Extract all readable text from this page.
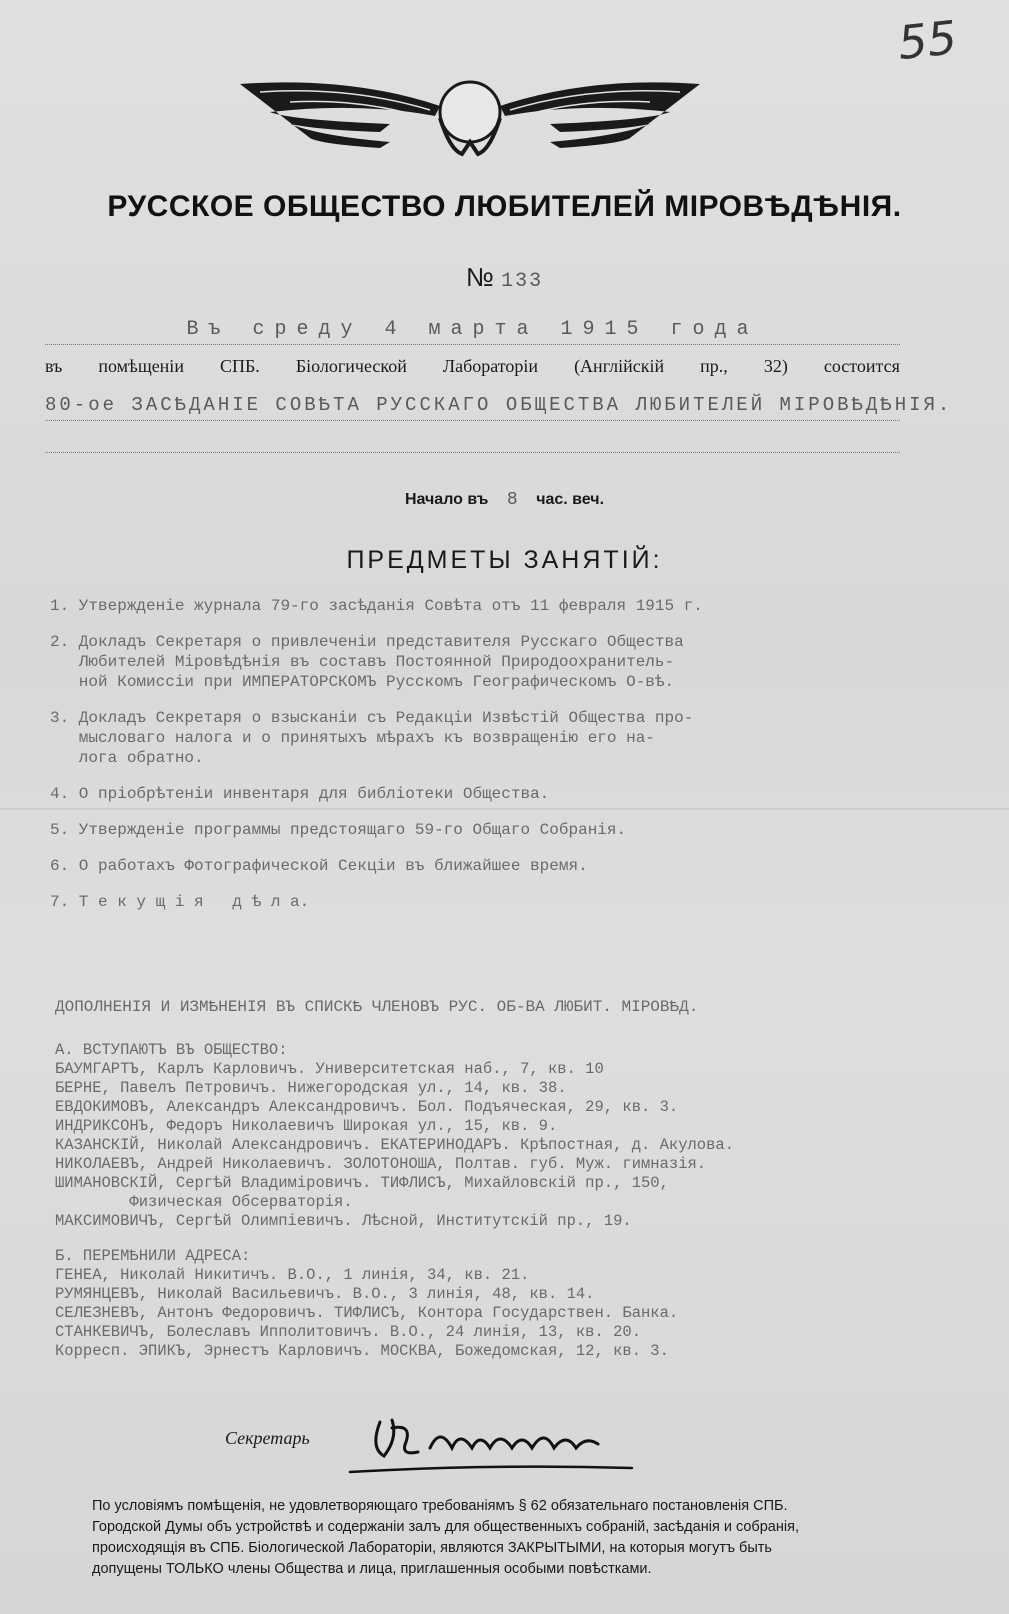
55
РУССКОЕ ОБЩЕСТВО ЛЮБИТЕЛЕЙ МІРОВѢДѢНІЯ.
№ 133
Въ среду 4 марта 1915 года
въ помѣщеніи СПБ. Біологической Лабораторіи (Англійскій пр., 32) состоится
80-ое ЗАСѢДАНІЕ СОВѢТА РУССКАГО ОБЩЕСТВА ЛЮБИТЕЛЕЙ МІРОВѢДѢНІЯ.
Начало въ 8 час. веч.
ПРЕДМЕТЫ ЗАНЯТІЙ:
1. Утвержденіе журнала 79-го засѣданія Совѣта отъ 11 февраля 1915 г.
2. Докладъ Секретаря о привлеченіи представителя Русскаго Общества
Любителей Міровѣдѣнія въ составъ Постоянной Природоохранитель-
ной Комиссіи при ИМПЕРАТОРСКОМЪ Русскомъ Географическомъ О-вѣ.
3. Докладъ Секретаря о взысканіи съ Редакціи Извѣстій Общества про-
мысловаго налога и о принятыхъ мѣрахъ къ возвращенію его на-
логa обратно.
4. О пріобрѣтеніи инвентаря для библіотеки Общества.
5. Утвержденіе программы предстоящаго 59-го Общаго Собранія.
6. О работахъ Фотографической Секціи въ ближайшее время.
7. Т е к у щ і я   д ѣ л а.
ДОПОЛНЕНІЯ И ИЗМѢНЕНІЯ ВЪ СПИСКѢ ЧЛЕНОВЪ РУС. ОБ-ВА ЛЮБИТ. МІРОВѢД.
А. ВСТУПАЮТЪ ВЪ ОБЩЕСТВО:
БАУМГАРТЪ, Карлъ Карловичъ. Университетская наб., 7, кв. 10
БЕРНЕ, Павелъ Петровичъ. Нижегородская ул., 14, кв. 38.
ЕВДОКИМОВЪ, Александръ Александровичъ. Бол. Подъяческая, 29, кв. 3.
ИНДРИКСОНЪ, Федоръ Николаевичъ Широкая ул., 15, кв. 9.
КАЗАНСКІЙ, Николай Александровичъ. ЕКАТЕРИНОДАРЪ. Крѣпостная, д. Акулова.
НИКОЛАЕВЪ, Андрей Николаевичъ. ЗОЛОТОНОША, Полтав. губ. Муж. гимназія.
ШИМАНОВСКІЙ, Сергѣй Владиміровичъ. ТИФЛИСЪ, Михайловскій пр., 150,
Физическая Обсерваторія.
МАКСИМОВИЧЪ, Сергѣй Олимпіевичъ. Лѣсной, Институтскій пр., 19.
Б. ПЕРЕМѢНИЛИ АДРЕСА:
ГЕНЕА, Николай Никитичъ. В.О., 1 линія, 34, кв. 21.
РУМЯНЦЕВЪ, Николай Васильевичъ. В.О., 3 линія, 48, кв. 14.
СЕЛЕЗНЕВЪ, Антонъ Федоровичъ. ТИФЛИСЪ, Контора Государствен. Банка.
СТАНКЕВИЧЪ, Болеславъ Ипполитовичъ. В.О., 24 линія, 13, кв. 20.
Корресп. ЭПИКЪ, Эрнестъ Карловичъ. МОСКВА, Божедомская, 12, кв. 3.
Секретарь
По условіямъ помѣщенія, не удовлетворяющаго требованіямъ § 62 обязательнаго постановленія СПБ.
Городской Думы объ устройствѣ и содержаніи залъ для общественныхъ собраній, засѣданія и собранія,
происходящія въ СПБ. Біологической Лабораторіи, являются ЗАКРЫТЫМИ, на которыя могутъ быть
допущены ТОЛЬКО члены Общества и лица, приглашенныя особыми повѣстками.
